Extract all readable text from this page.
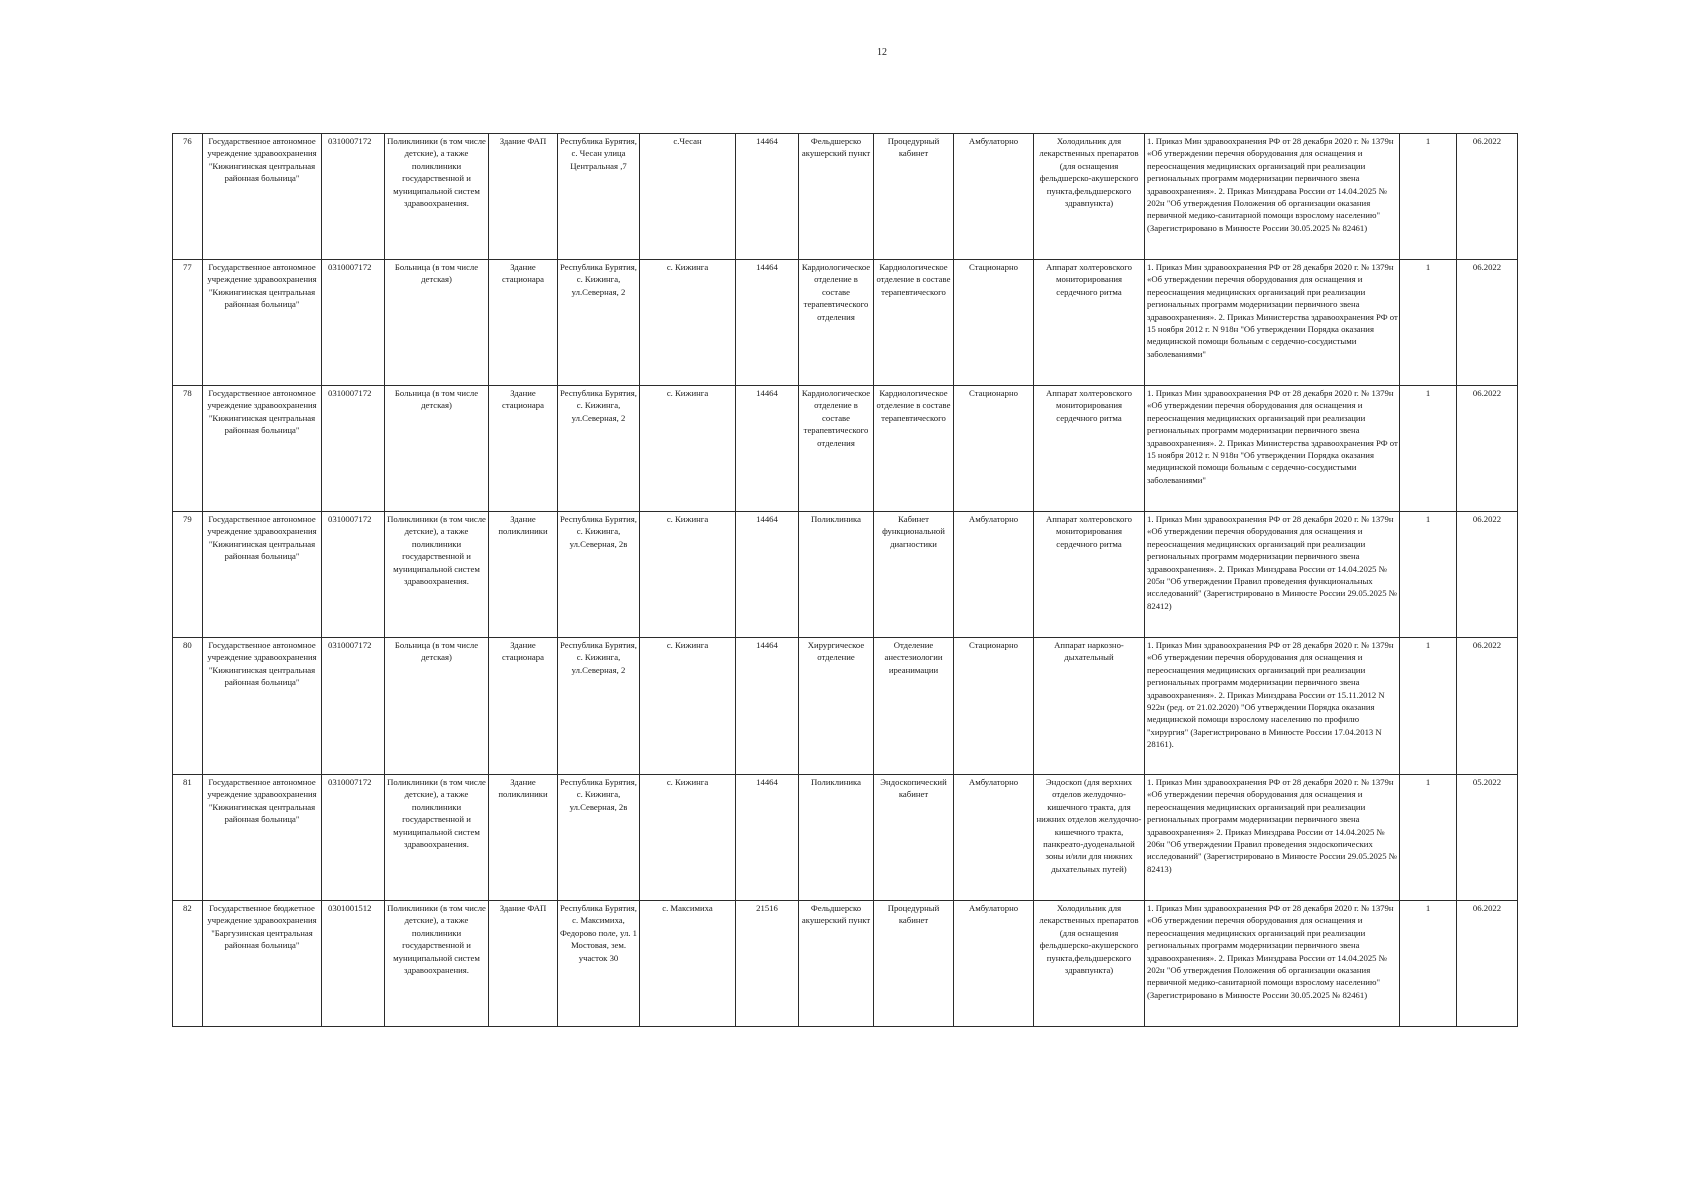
12
76	Государственное автономное учреждение здравоохранения "Кижингинская центральная районная больница"	0310007172	Поликлиники (в том числе детские), а также поликлиники государственной и муниципальной систем здравоохранения.	Здание ФАП	Республика Бурятия, с. Чесан улица Центральная ,7	с.Чесан	14464	Фельдшерско акушерский пункт	Процедурный кабинет	Амбулаторно	Холодильник для лекарственных препаратов (для оснащения фельдшерско-акушерского пункта,фельдшерского здравпункта)	1. Приказ Мин здравоохранения РФ от 28 декабря 2020 г. № 1379н «Об утверждении перечня оборудования для оснащения и переоснащения медицинских организаций при реализации региональных программ модернизации первичного звена здравоохранения». 2. Приказ Минздрава России от 14.04.2025 № 202н "Об утверждения Положения об организации оказания первичной медико-санитарной помощи взрослому населению" (Зарегистрировано в Минюсте России 30.05.2025 № 82461)	1	06.2022
77	Государственное автономное учреждение здравоохранения "Кижингинская центральная районная больница"	0310007172	Больница (в том числе детская)	Здание стационара	Республика Бурятия, с. Кижинга, ул.Северная, 2	с. Кижинга	14464	Кардиологическое отделение в составе терапевтического отделения	Кардиологическое отделение в составе терапевтического	Стационарно	Аппарат холтеровского мониторирования сердечного ритма	1. Приказ Мин здравоохранения РФ от 28 декабря 2020 г. № 1379н «Об утверждении перечня оборудования для оснащения и переоснащения медицинских организаций при реализации региональных программ модернизации первичного звена здравоохранения». 2. Приказ Министерства здравоохранения РФ от 15 ноября 2012 г. N 918н "Об утверждении Порядка оказания медицинской помощи больным с сердечно-сосудистыми заболеваниями"	1	06.2022
78	Государственное автономное учреждение здравоохранения "Кижингинская центральная районная больница"	0310007172	Больница (в том числе детская)	Здание стационара	Республика Бурятия, с. Кижинга, ул.Северная, 2	с. Кижинга	14464	Кардиологическое отделение в составе терапевтического отделения	Кардиологическое отделение в составе терапевтического	Стационарно	Аппарат холтеровского мониторирования сердечного ритма	1. Приказ Мин здравоохранения РФ от 28 декабря 2020 г. № 1379н «Об утверждении перечня оборудования для оснащения и переоснащения медицинских организаций при реализации региональных программ модернизации первичного звена здравоохранения». 2. Приказ Министерства здравоохранения РФ от 15 ноября 2012 г. N 918н "Об утверждении Порядка оказания медицинской помощи больным с сердечно-сосудистыми заболеваниями"	1	06.2022
79	Государственное автономное учреждение здравоохранения "Кижингинская центральная районная больница"	0310007172	Поликлиники (в том числе детские), а также поликлиники государственной и муниципальной систем здравоохранения.	Здание поликлиники	Республика Бурятия, с. Кижинга, ул.Северная, 2в	с. Кижинга	14464	Поликлиника	Кабинет функциональной диагностики	Амбулаторно	Аппарат холтеровского мониторирования сердечного ритма	1. Приказ Мин здравоохранения РФ от 28 декабря 2020 г. № 1379н «Об утверждении перечня оборудования для оснащения и переоснащения медицинских организаций при реализации региональных программ модернизации первичного звена здравоохранения». 2. Приказ Минздрава России от 14.04.2025 № 205н "Об утверждении Правил проведения функциональных исследований" (Зарегистрировано в Минюсте России 29.05.2025 № 82412)	1	06.2022
80	Государственное автономное учреждение здравоохранения "Кижингинская центральная районная больница"	0310007172	Больница (в том числе детская)	Здание стационара	Республика Бурятия, с. Кижинга, ул.Северная, 2	с. Кижинга	14464	Хирургическое отделение	Отделение анестезиологии иреанимации	Стационарно	Аппарат наркозно-дыхательный	1. Приказ Мин здравоохранения РФ от 28 декабря 2020 г. № 1379н «Об утверждении перечня оборудования для оснащения и переоснащения медицинских организаций при реализации региональных программ модернизации первичного звена здравоохранения». 2. Приказ Минздрава России от 15.11.2012 N 922н (ред. от 21.02.2020) "Об утверждении Порядка оказания медицинской помощи взрослому населению по профилю "хирургия" (Зарегистрировано в Минюсте России 17.04.2013 N 28161).	1	06.2022
81	Государственное автономное учреждение здравоохранения "Кижингинская центральная районная больница"	0310007172	Поликлиники (в том числе детские), а также поликлиники государственной и муниципальной систем здравоохранения.	Здание поликлиники	Республика Бурятия, с. Кижинга, ул.Северная, 2в	с. Кижинга	14464	Поликлиника	Эндоскопический кабинет	Амбулаторно	Эндоскоп (для верхних отделов желудочно-кишечного тракта, для нижних отделов желудочно-кишечного тракта, панкреато-дуоденальной зоны и/или для нижних дыхательных путей)	1. Приказ Мин здравоохранения РФ от 28 декабря 2020 г. № 1379н «Об утверждении перечня оборудования для оснащения и переоснащения медицинских организаций при реализации региональных программ модернизации первичного звена здравоохранения» 2. Приказ Минздрава России от 14.04.2025 № 206н "Об утверждении Правил проведения эндоскопических исследований" (Зарегистрировано в Минюсте России 29.05.2025 № 82413)	1	05.2022
82	Государственное бюджетное учреждение здравоохранения "Баргузинская центральная районная больница"	0301001512	Поликлиники (в том числе детские), а также поликлиники государственной и муниципальной систем здравоохранения.	Здание ФАП	Республика Бурятия, с. Максимиха, Федорово поле, ул. 1 Мостовая, зем. участок 30	с. Максимиха	21516	Фельдшерско акушерский пункт	Процедурный кабинет	Амбулаторно	Холодильник для лекарственных препаратов (для оснащения фельдшерско-акушерского пункта,фельдшерского здравпункта)	1. Приказ Мин здравоохранения РФ от 28 декабря 2020 г. № 1379н «Об утверждении перечня оборудования для оснащения и переоснащения медицинских организаций при реализации региональных программ модернизации первичного звена здравоохранения». 2. Приказ Минздрава России от 14.04.2025 № 202н "Об утверждения Положения об организации оказания первичной медико-санитарной помощи взрослому населению" (Зарегистрировано в Минюсте России 30.05.2025 № 82461)	1	06.2022
